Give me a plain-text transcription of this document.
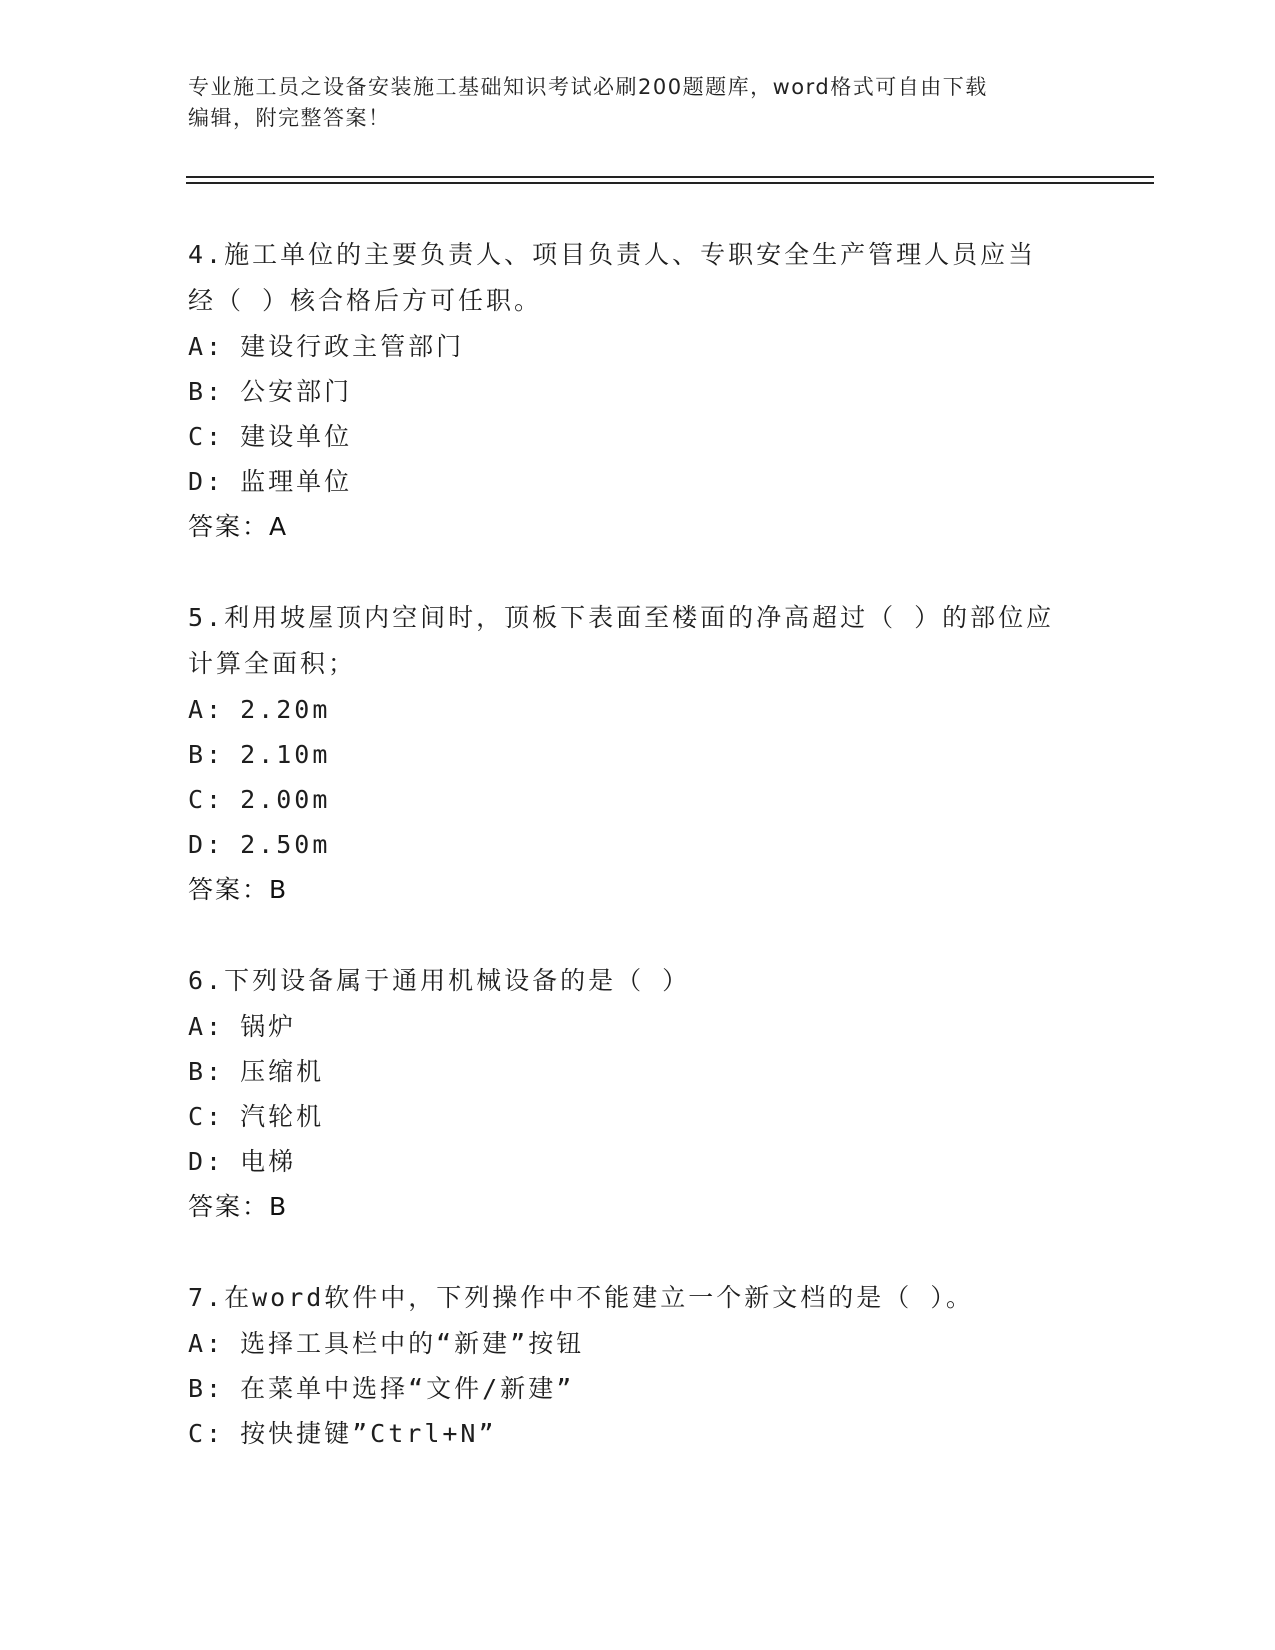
专业施工员之设备安装施工基础知识考试必刷200题题库，word格式可自由下载
编辑，附完整答案！
4.施工单位的主要负责人、项目负责人、专职安全生产管理人员应当
经（ ）核合格后方可任职。
A: 建设行政主管部门
B: 公安部门
C: 建设单位
D: 监理单位
答案：A
5.利用坡屋顶内空间时，顶板下表面至楼面的净高超过（ ）的部位应
计算全面积；
A: 2.20m
B: 2.10m
C: 2.00m
D: 2.50m
答案：B
6.下列设备属于通用机械设备的是（ ）
A: 锅炉
B: 压缩机
C: 汽轮机
D: 电梯
答案：B
7.在word软件中，下列操作中不能建立一个新文档的是（ ）。
A: 选择工具栏中的“新建”按钮
B: 在菜单中选择“文件/新建”
C: 按快捷键”Ctrl+N”
